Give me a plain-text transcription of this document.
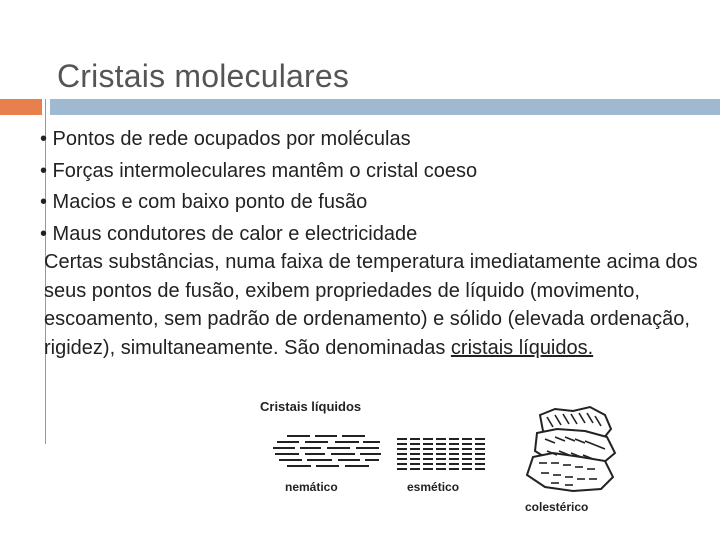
Cristais moleculares
• Pontos de rede ocupados por moléculas
• Forças intermoleculares mantêm o cristal coeso
• Macios e com baixo ponto de fusão
• Maus condutores de calor e electricidade
Certas substâncias, numa faixa de temperatura imediatamente acima dos seus pontos de fusão, exibem propriedades de líquido (movimento, escoamento, sem padrão de ordenamento) e sólido (elevada ordenação, rigidez), simultaneamente. São denominadas cristais líquidos.
Cristais líquidos
nemático	esmético
colestérico
